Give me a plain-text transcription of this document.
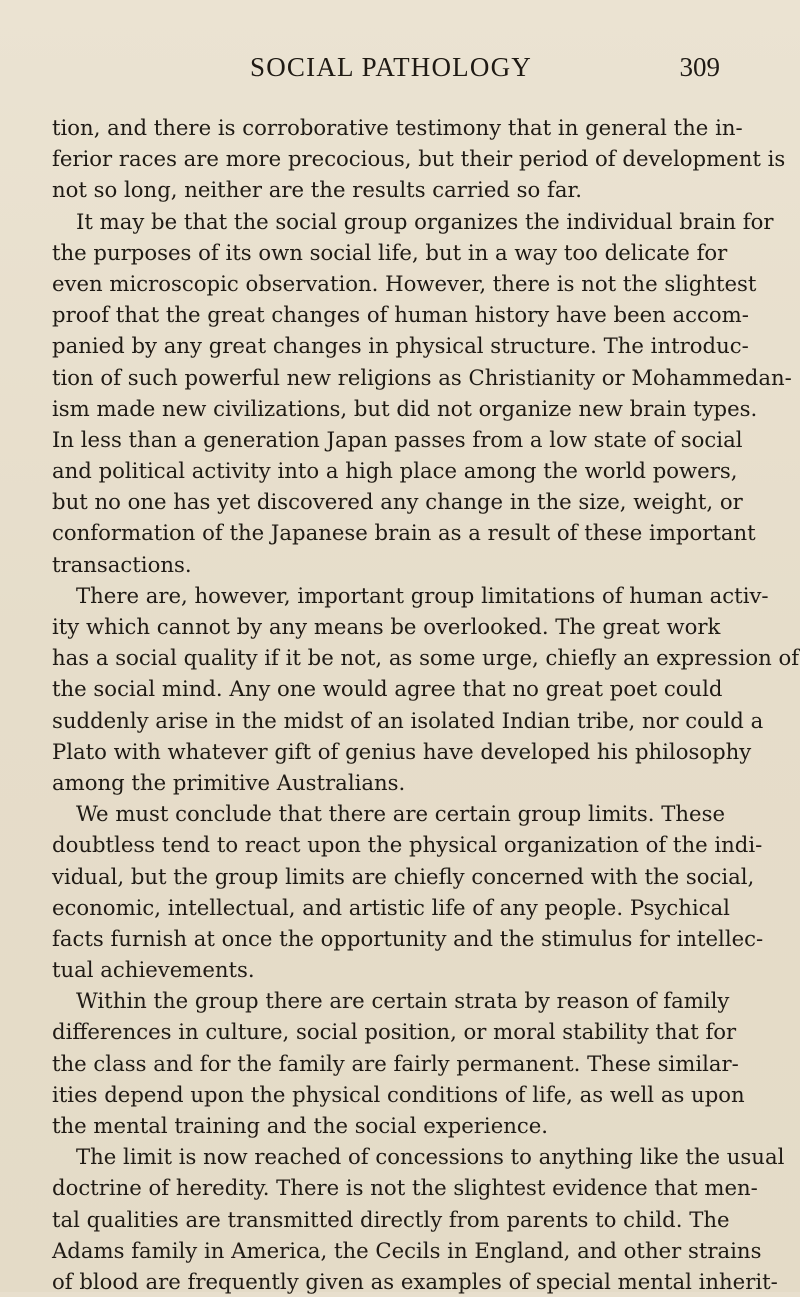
SOCIAL PATHOLOGY	309
tion, and there is corroborative testimony that in general the in-
ferior races are more precocious, but their period of development is
not so long, neither are the results carried so far.
It may be that the social group organizes the individual brain for
the purposes of its own social life, but in a way too delicate for
even microscopic observation. However, there is not the slightest
proof that the great changes of human history have been accom-
panied by any great changes in physical structure. The introduc-
tion of such powerful new religions as Christianity or Mohammedan-
ism made new civilizations, but did not organize new brain types.
In less than a generation Japan passes from a low state of social
and political activity into a high place among the world powers,
but no one has yet discovered any change in the size, weight, or
conformation of the Japanese brain as a result of these important
transactions.
There are, however, important group limitations of human activ-
ity which cannot by any means be overlooked. The great work
has a social quality if it be not, as some urge, chiefly an expression of
the social mind. Any one would agree that no great poet could
suddenly arise in the midst of an isolated Indian tribe, nor could a
Plato with whatever gift of genius have developed his philosophy
among the primitive Australians.
We must conclude that there are certain group limits. These
doubtless tend to react upon the physical organization of the indi-
vidual, but the group limits are chiefly concerned with the social,
economic, intellectual, and artistic life of any people. Psychical
facts furnish at once the opportunity and the stimulus for intellec-
tual achievements.
Within the group there are certain strata by reason of family
differences in culture, social position, or moral stability that for
the class and for the family are fairly permanent. These similar-
ities depend upon the physical conditions of life, as well as upon
the mental training and the social experience.
The limit is now reached of concessions to anything like the usual
doctrine of heredity. There is not the slightest evidence that men-
tal qualities are transmitted directly from parents to child. The
Adams family in America, the Cecils in England, and other strains
of blood are frequently given as examples of special mental inherit-
